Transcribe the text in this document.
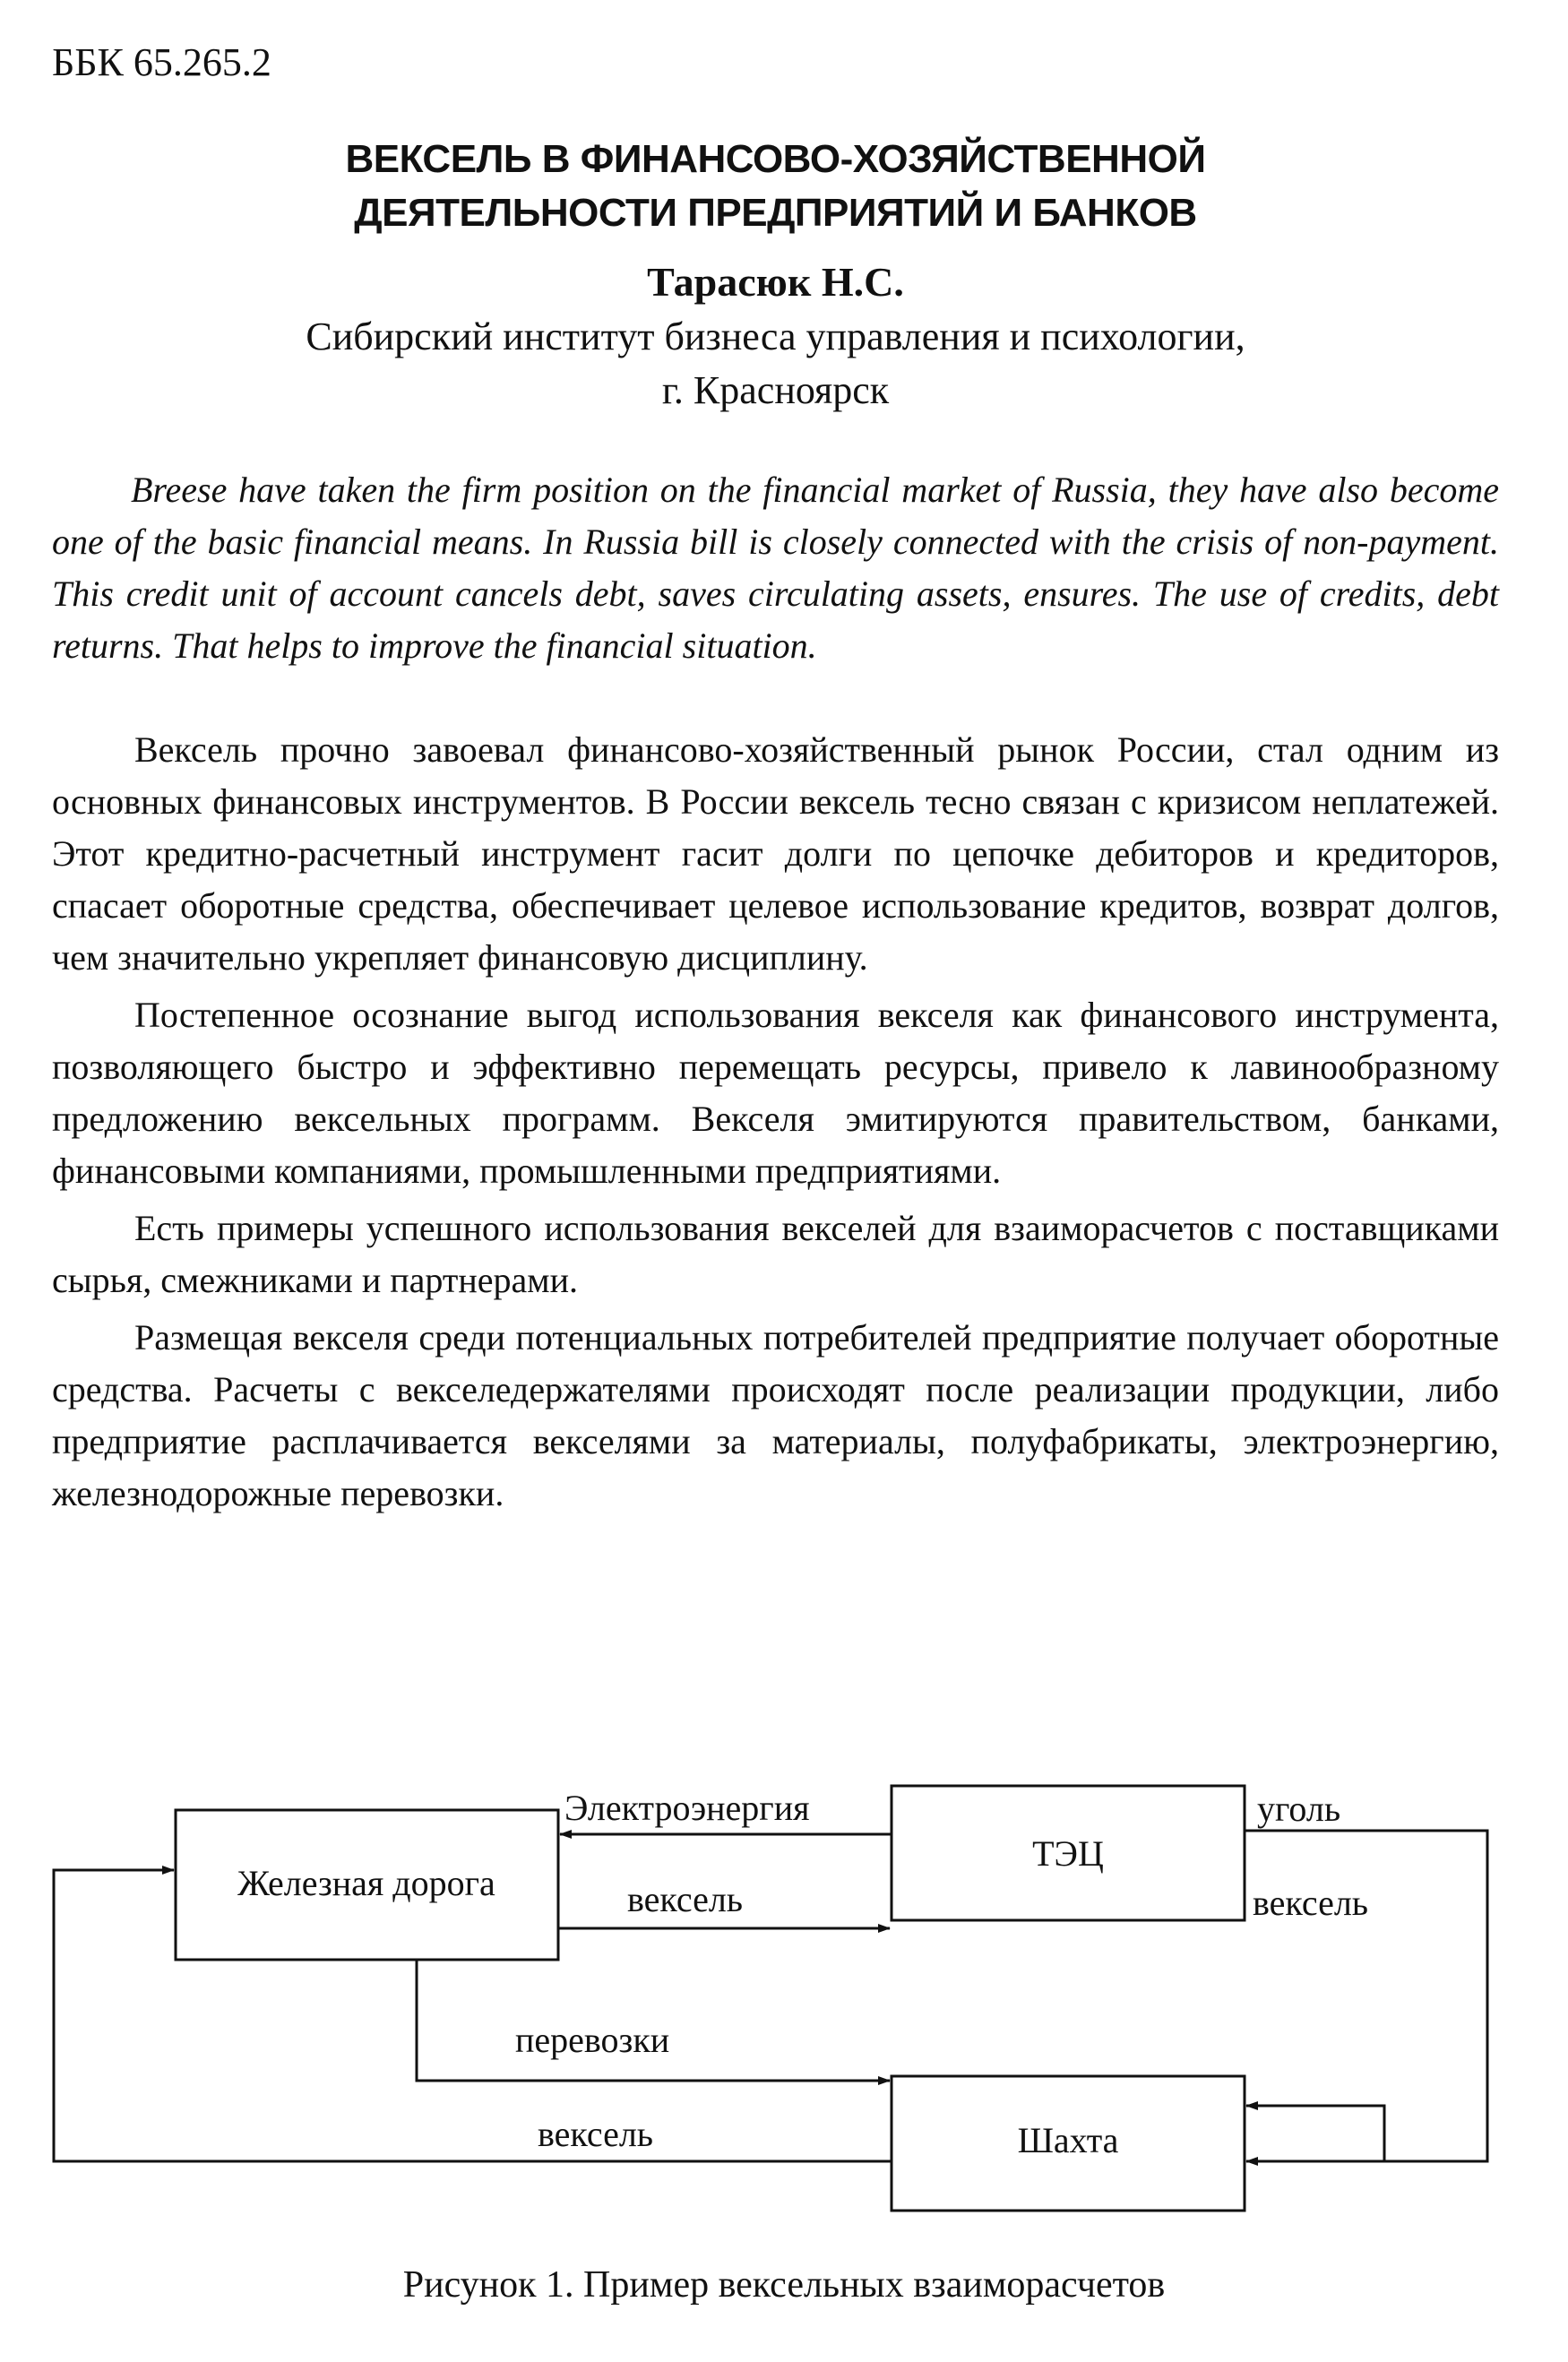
ББК 65.265.2

ВЕКСЕЛЬ В ФИНАНСОВО-ХОЗЯЙСТВЕННОЙ
ДЕЯТЕЛЬНОСТИ ПРЕДПРИЯТИЙ И БАНКОВ

Тарасюк Н.С.

Сибирский институт бизнеса управления и психологии,
г. Красноярск

Breese have taken the firm position on the financial market of Russia, they have also become one of the basic financial means. In Russia bill is closely connected with the crisis of non-payment. This credit unit of account cancels debt, saves circulating assets, ensures. The use of credits, debt returns. That helps to improve the financial situation.

Вексель прочно завоевал финансово-хозяйственный рынок России, стал одним из основных финансовых инструментов. В России вексель тесно связан с кризисом неплатежей. Этот кредитно-расчетный инструмент гасит долги по цепочке дебиторов и кредиторов, спасает оборотные средства, обеспечивает целевое использование кредитов, возврат долгов, чем значительно укрепляет финансовую дисциплину.

Постепенное осознание выгод использования векселя как финансового инструмента, позволяющего быстро и эффективно перемещать ресурсы, привело к лавинообразному предложению вексельных программ. Векселя эмитируются правительством, банками, финансовыми компаниями, промышленными предприятиями.

Есть примеры успешного использования векселей для взаиморасчетов с поставщиками сырья, смежниками и партнерами.

Размещая векселя среди потенциальных потребителей предприятие получает оборотные средства. Расчеты с векселедержателями происходят после реализации продукции, либо предприятие расплачивается векселями за материалы, полуфабрикаты, электроэнергию, железнодорожные перевозки.

Железная дорога
ТЭЦ
Шахта
Электроэнергия
вексель
уголь
вексель
перевозки
вексель
Рисунок 1. Пример вексельных взаиморасчетов
